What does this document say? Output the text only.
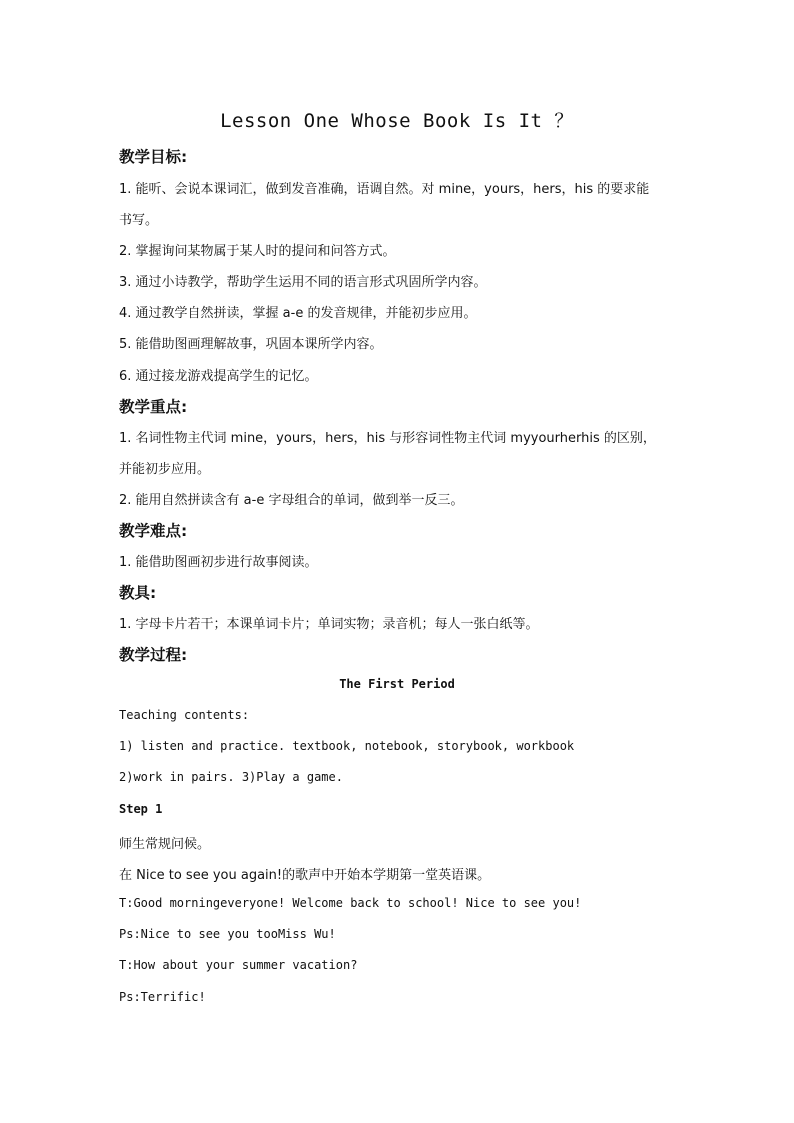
Lesson One Whose Book Is It ？
教学目标:
1. 能听、会说本课词汇，做到发音准确，语调自然。对 mine，yours，hers，his 的要求能
书写。
2. 掌握询问某物属于某人时的提问和问答方式。
3. 通过小诗教学，帮助学生运用不同的语言形式巩固所学内容。
4. 通过教学自然拼读，掌握 a-e 的发音规律，并能初步应用。
5. 能借助图画理解故事，巩固本课所学内容。
6. 通过接龙游戏提高学生的记忆。
教学重点:
1. 名词性物主代词 mine，yours，hers，his 与形容词性物主代词 myyourherhis 的区别，
并能初步应用。
2. 能用自然拼读含有 a-e 字母组合的单词，做到举一反三。
教学难点:
1. 能借助图画初步进行故事阅读。
教具:
1. 字母卡片若干；本课单词卡片；单词实物；录音机；每人一张白纸等。
教学过程:
The First Period
Teaching contents:
1) listen and practice. textbook, notebook, storybook, workbook
2)work in pairs. 3)Play a game.
Step 1
师生常规问候。
在 Nice to see you again!的歌声中开始本学期第一堂英语课。
T:Good morningeveryone! Welcome back to school! Nice to see you!
Ps:Nice to see you tooMiss Wu!
T:How about your summer vacation?
Ps:Terrific!
